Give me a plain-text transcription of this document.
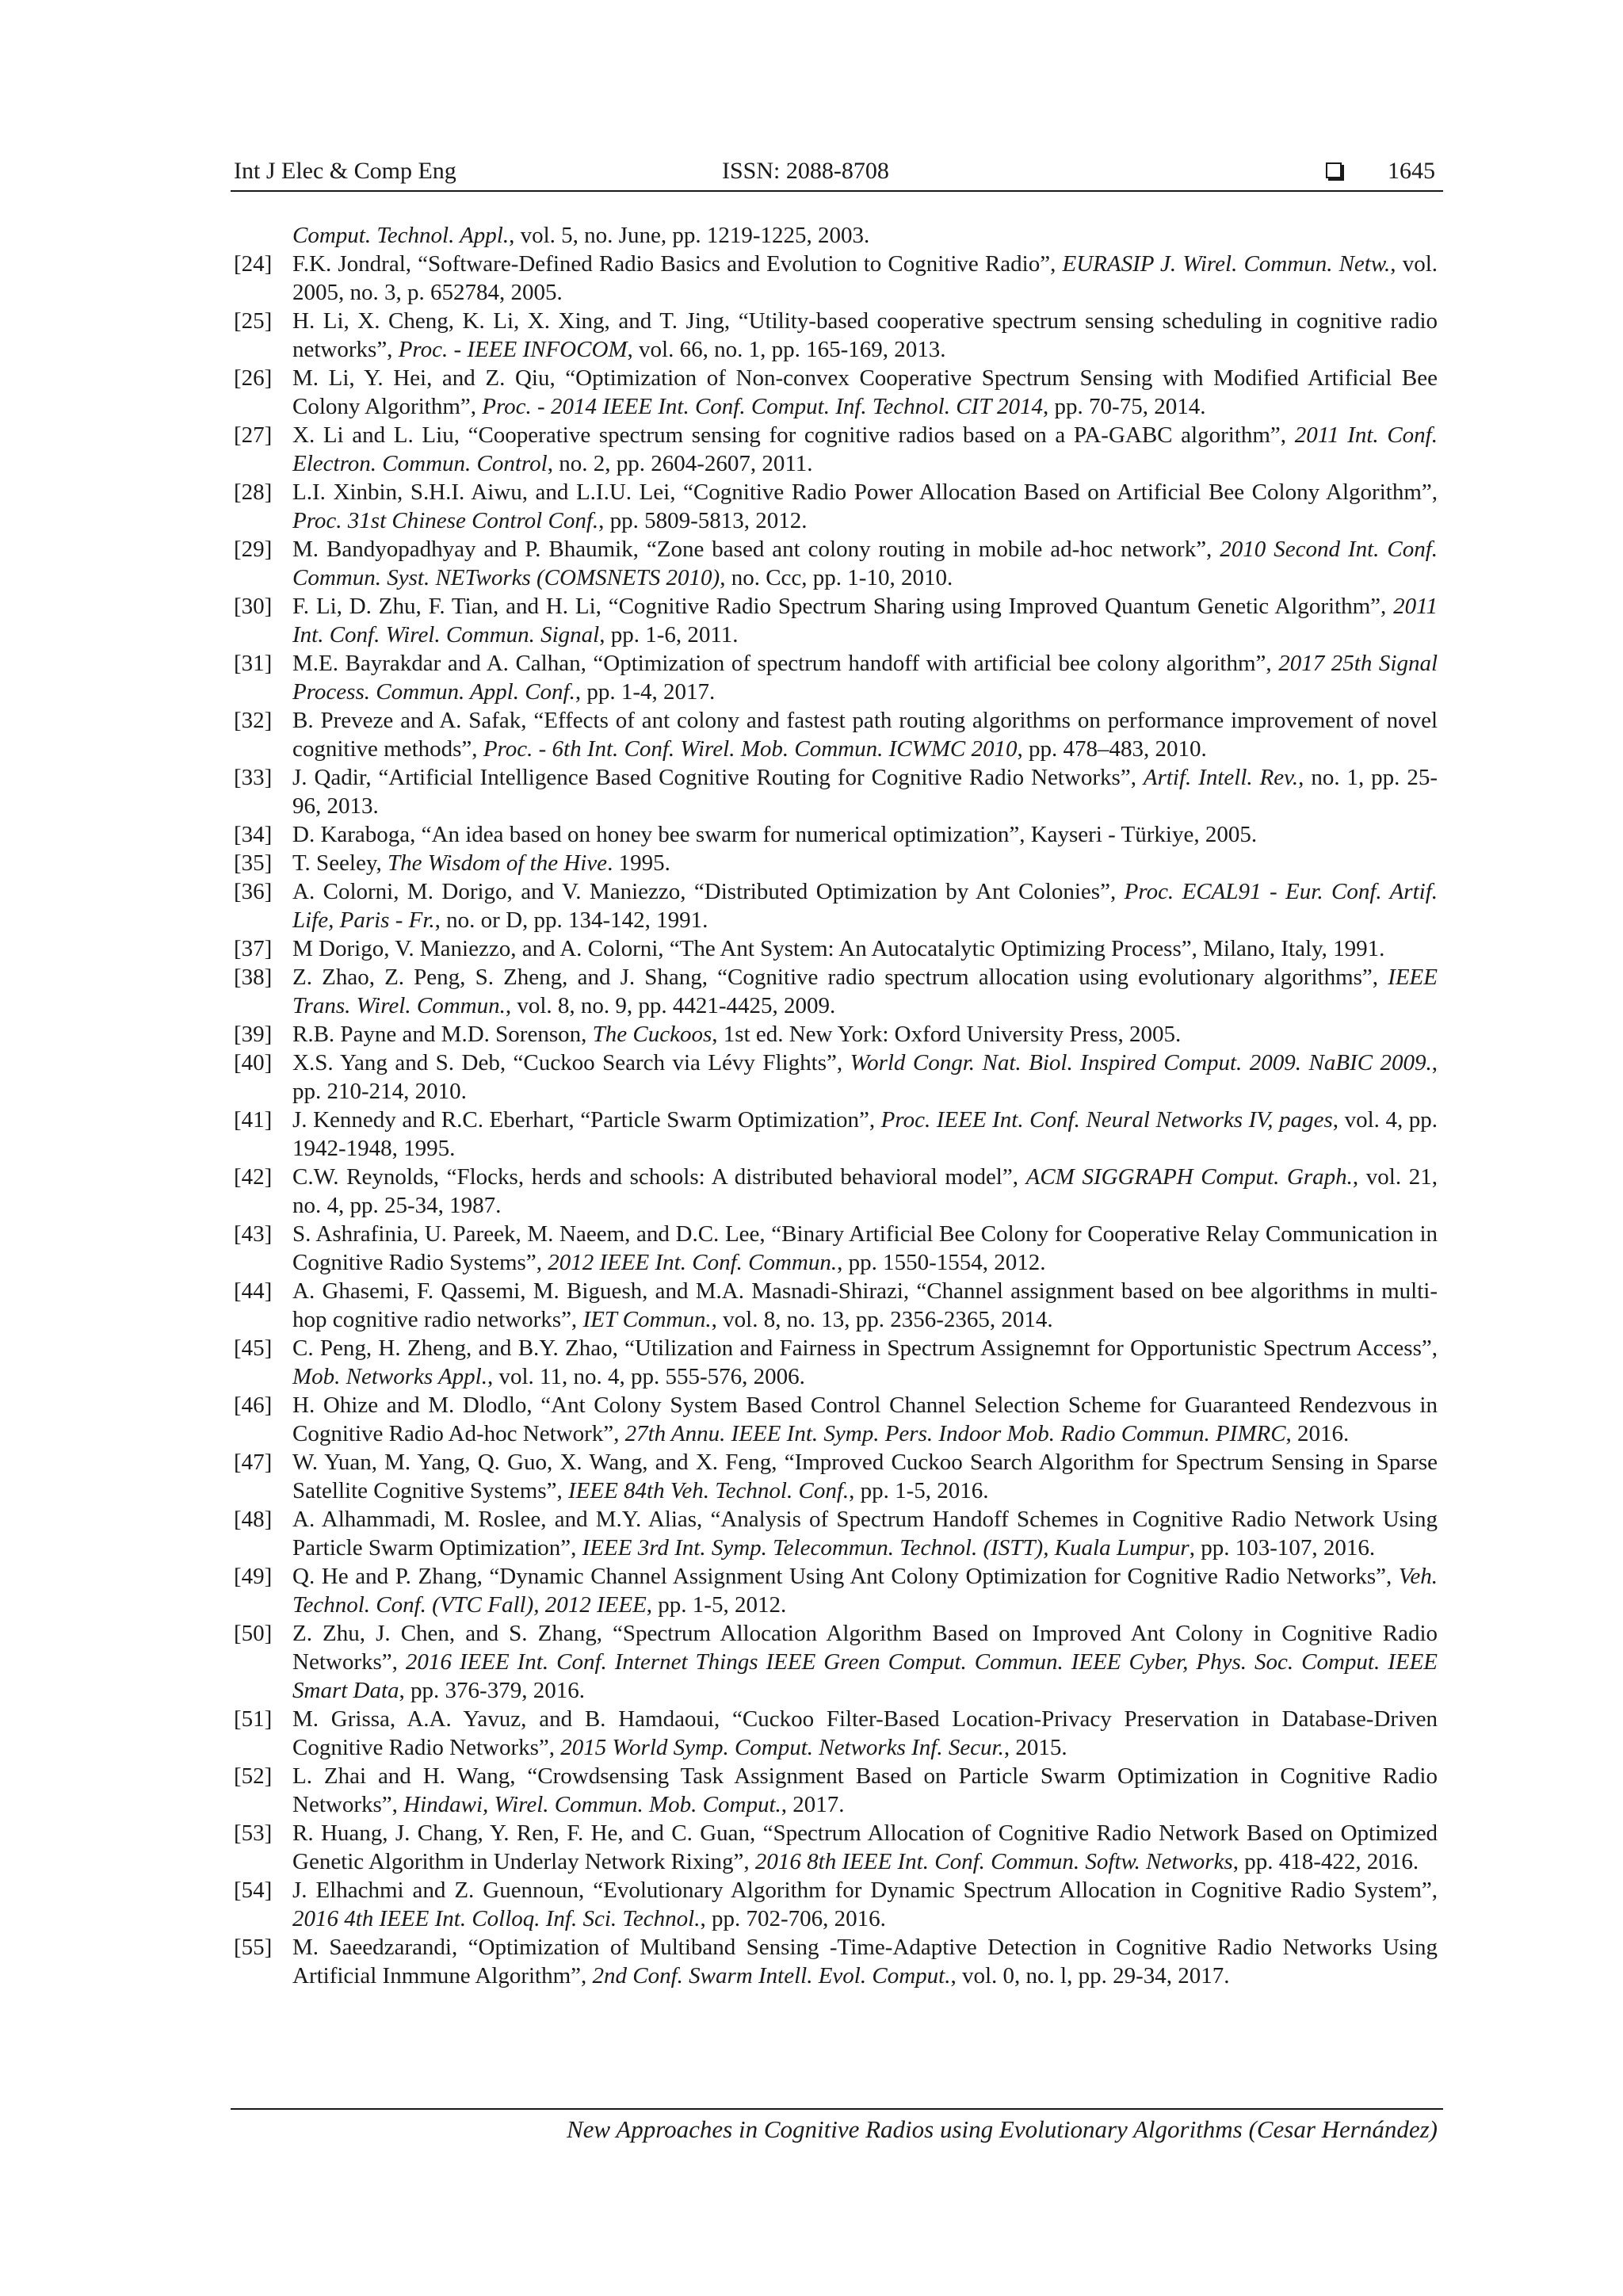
Int J Elec & Comp Eng	ISSN: 2088-8708	1645
Comput. Technol. Appl., vol. 5, no. June, pp. 1219-1225, 2003.
[24] F.K. Jondral, “Software-Defined Radio Basics and Evolution to Cognitive Radio”, EURASIP J. Wirel. Commun. Netw., vol. 2005, no. 3, p. 652784, 2005.
[25] H. Li, X. Cheng, K. Li, X. Xing, and T. Jing, “Utility-based cooperative spectrum sensing scheduling in cognitive radio networks”, Proc. - IEEE INFOCOM, vol. 66, no. 1, pp. 165-169, 2013.
[26] M. Li, Y. Hei, and Z. Qiu, “Optimization of Non-convex Cooperative Spectrum Sensing with Modified Artificial Bee Colony Algorithm”, Proc. - 2014 IEEE Int. Conf. Comput. Inf. Technol. CIT 2014, pp. 70-75, 2014.
[27] X. Li and L. Liu, “Cooperative spectrum sensing for cognitive radios based on a PA-GABC algorithm”, 2011 Int. Conf. Electron. Commun. Control, no. 2, pp. 2604-2607, 2011.
[28] L.I. Xinbin, S.H.I. Aiwu, and L.I.U. Lei, “Cognitive Radio Power Allocation Based on Artificial Bee Colony Algorithm”, Proc. 31st Chinese Control Conf., pp. 5809-5813, 2012.
[29] M. Bandyopadhyay and P. Bhaumik, “Zone based ant colony routing in mobile ad-hoc network”, 2010 Second Int. Conf. Commun. Syst. NETworks (COMSNETS 2010), no. Ccc, pp. 1-10, 2010.
[30] F. Li, D. Zhu, F. Tian, and H. Li, “Cognitive Radio Spectrum Sharing using Improved Quantum Genetic Algorithm”, 2011 Int. Conf. Wirel. Commun. Signal, pp. 1-6, 2011.
[31] M.E. Bayrakdar and A. Calhan, “Optimization of spectrum handoff with artificial bee colony algorithm”, 2017 25th Signal Process. Commun. Appl. Conf., pp. 1-4, 2017.
[32] B. Preveze and A. Safak, “Effects of ant colony and fastest path routing algorithms on performance improvement of novel cognitive methods”, Proc. - 6th Int. Conf. Wirel. Mob. Commun. ICWMC 2010, pp. 478–483, 2010.
[33] J. Qadir, “Artificial Intelligence Based Cognitive Routing for Cognitive Radio Networks”, Artif. Intell. Rev., no. 1, pp. 25-96, 2013.
[34] D. Karaboga, “An idea based on honey bee swarm for numerical optimization”, Kayseri - Türkiye, 2005.
[35] T. Seeley, The Wisdom of the Hive. 1995.
[36] A. Colorni, M. Dorigo, and V. Maniezzo, “Distributed Optimization by Ant Colonies”, Proc. ECAL91 - Eur. Conf. Artif. Life, Paris - Fr., no. or D, pp. 134-142, 1991.
[37] M Dorigo, V. Maniezzo, and A. Colorni, “The Ant System: An Autocatalytic Optimizing Process”, Milano, Italy, 1991.
[38] Z. Zhao, Z. Peng, S. Zheng, and J. Shang, “Cognitive radio spectrum allocation using evolutionary algorithms”, IEEE Trans. Wirel. Commun., vol. 8, no. 9, pp. 4421-4425, 2009.
[39] R.B. Payne and M.D. Sorenson, The Cuckoos, 1st ed. New York: Oxford University Press, 2005.
[40] X.S. Yang and S. Deb, “Cuckoo Search via Lévy Flights”, World Congr. Nat. Biol. Inspired Comput. 2009. NaBIC 2009., pp. 210-214, 2010.
[41] J. Kennedy and R.C. Eberhart, “Particle Swarm Optimization”, Proc. IEEE Int. Conf. Neural Networks IV, pages, vol. 4, pp. 1942-1948, 1995.
[42] C.W. Reynolds, “Flocks, herds and schools: A distributed behavioral model”, ACM SIGGRAPH Comput. Graph., vol. 21, no. 4, pp. 25-34, 1987.
[43] S. Ashrafinia, U. Pareek, M. Naeem, and D.C. Lee, “Binary Artificial Bee Colony for Cooperative Relay Communication in Cognitive Radio Systems”, 2012 IEEE Int. Conf. Commun., pp. 1550-1554, 2012.
[44] A. Ghasemi, F. Qassemi, M. Biguesh, and M.A. Masnadi-Shirazi, “Channel assignment based on bee algorithms in multi-hop cognitive radio networks”, IET Commun., vol. 8, no. 13, pp. 2356-2365, 2014.
[45] C. Peng, H. Zheng, and B.Y. Zhao, “Utilization and Fairness in Spectrum Assignemnt for Opportunistic Spectrum Access”, Mob. Networks Appl., vol. 11, no. 4, pp. 555-576, 2006.
[46] H. Ohize and M. Dlodlo, “Ant Colony System Based Control Channel Selection Scheme for Guaranteed Rendezvous in Cognitive Radio Ad-hoc Network”, 27th Annu. IEEE Int. Symp. Pers. Indoor Mob. Radio Commun. PIMRC, 2016.
[47] W. Yuan, M. Yang, Q. Guo, X. Wang, and X. Feng, “Improved Cuckoo Search Algorithm for Spectrum Sensing in Sparse Satellite Cognitive Systems”, IEEE 84th Veh. Technol. Conf., pp. 1-5, 2016.
[48] A. Alhammadi, M. Roslee, and M.Y. Alias, “Analysis of Spectrum Handoff Schemes in Cognitive Radio Network Using Particle Swarm Optimization”, IEEE 3rd Int. Symp. Telecommun. Technol. (ISTT), Kuala Lumpur, pp. 103-107, 2016.
[49] Q. He and P. Zhang, “Dynamic Channel Assignment Using Ant Colony Optimization for Cognitive Radio Networks”, Veh. Technol. Conf. (VTC Fall), 2012 IEEE, pp. 1-5, 2012.
[50] Z. Zhu, J. Chen, and S. Zhang, “Spectrum Allocation Algorithm Based on Improved Ant Colony in Cognitive Radio Networks”, 2016 IEEE Int. Conf. Internet Things IEEE Green Comput. Commun. IEEE Cyber, Phys. Soc. Comput. IEEE Smart Data, pp. 376-379, 2016.
[51] M. Grissa, A.A. Yavuz, and B. Hamdaoui, “Cuckoo Filter-Based Location-Privacy Preservation in Database-Driven Cognitive Radio Networks”, 2015 World Symp. Comput. Networks Inf. Secur., 2015.
[52] L. Zhai and H. Wang, “Crowdsensing Task Assignment Based on Particle Swarm Optimization in Cognitive Radio Networks”, Hindawi, Wirel. Commun. Mob. Comput., 2017.
[53] R. Huang, J. Chang, Y. Ren, F. He, and C. Guan, “Spectrum Allocation of Cognitive Radio Network Based on Optimized Genetic Algorithm in Underlay Network Rixing”, 2016 8th IEEE Int. Conf. Commun. Softw. Networks, pp. 418-422, 2016.
[54] J. Elhachmi and Z. Guennoun, “Evolutionary Algorithm for Dynamic Spectrum Allocation in Cognitive Radio System”, 2016 4th IEEE Int. Colloq. Inf. Sci. Technol., pp. 702-706, 2016.
[55] M. Saeedzarandi, “Optimization of Multiband Sensing -Time-Adaptive Detection in Cognitive Radio Networks Using Artificial Inmmune Algorithm”, 2nd Conf. Swarm Intell. Evol. Comput., vol. 0, no. l, pp. 29-34, 2017.
New Approaches in Cognitive Radios using Evolutionary Algorithms (Cesar Hernández)
